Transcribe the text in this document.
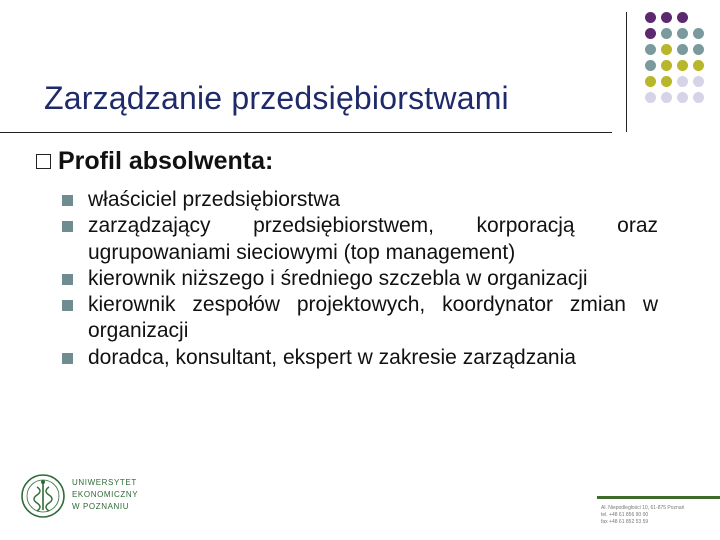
Zarządzanie przedsiębiorstwami
Profil absolwenta:
właściciel przedsiębiorstwa
zarządzający przedsiębiorstwem, korporacją oraz ugrupowaniami sieciowymi (top management)
kierownik niższego i średniego szczebla w organizacji
kierownik zespołów projektowych, koordynator zmian w organizacji
doradca, konsultant, ekspert w zakresie zarządzania
UNIWERSYTET
EKONOMICZNY
W POZNANIU	Al. Niepodległości 10, 61-875 Poznań
tel. +48 61 856 90 00
fax +48 61 852 53 59
